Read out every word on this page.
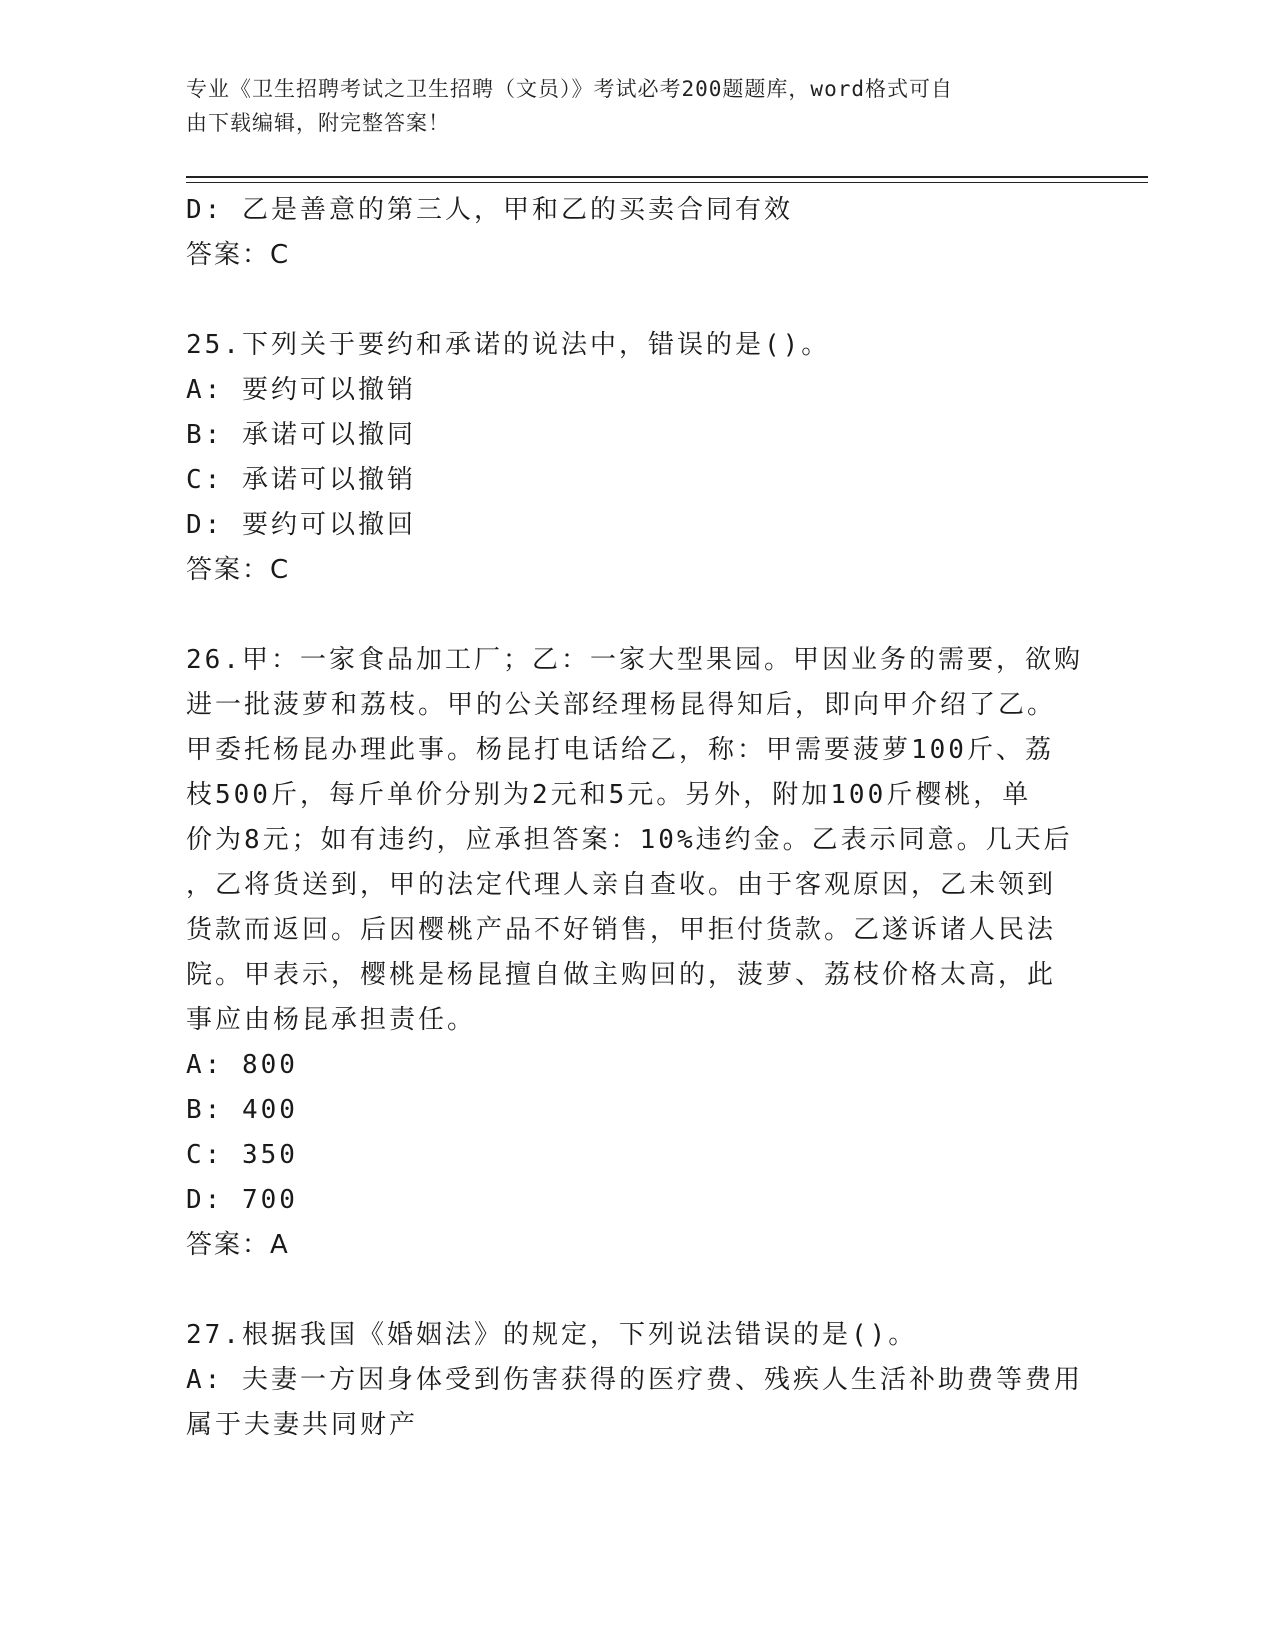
专业《卫生招聘考试之卫生招聘（文员）》考试必考200题题库，word格式可自
由下载编辑，附完整答案！
D: 乙是善意的第三人，甲和乙的买卖合同有效
答案：C
25.下列关于要约和承诺的说法中，错误的是()。
A: 要约可以撤销
B: 承诺可以撤同
C: 承诺可以撤销
D: 要约可以撤回
答案：C
26.甲：一家食品加工厂；乙：一家大型果园。甲因业务的需要，欲购
进一批菠萝和荔枝。甲的公关部经理杨昆得知后，即向甲介绍了乙。
甲委托杨昆办理此事。杨昆打电话给乙，称：甲需要菠萝100斤、荔
枝500斤，每斤单价分别为2元和5元。另外，附加100斤樱桃，单
价为8元；如有违约，应承担答案：10%违约金。乙表示同意。几天后
，乙将货送到，甲的法定代理人亲自查收。由于客观原因，乙未领到
货款而返回。后因樱桃产品不好销售，甲拒付货款。乙遂诉诸人民法
院。甲表示，樱桃是杨昆擅自做主购回的，菠萝、荔枝价格太高，此
事应由杨昆承担责任。
A: 800
B: 400
C: 350
D: 700
答案：A
27.根据我国《婚姻法》的规定，下列说法错误的是()。
A: 夫妻一方因身体受到伤害获得的医疗费、残疾人生活补助费等费用
属于夫妻共同财产
